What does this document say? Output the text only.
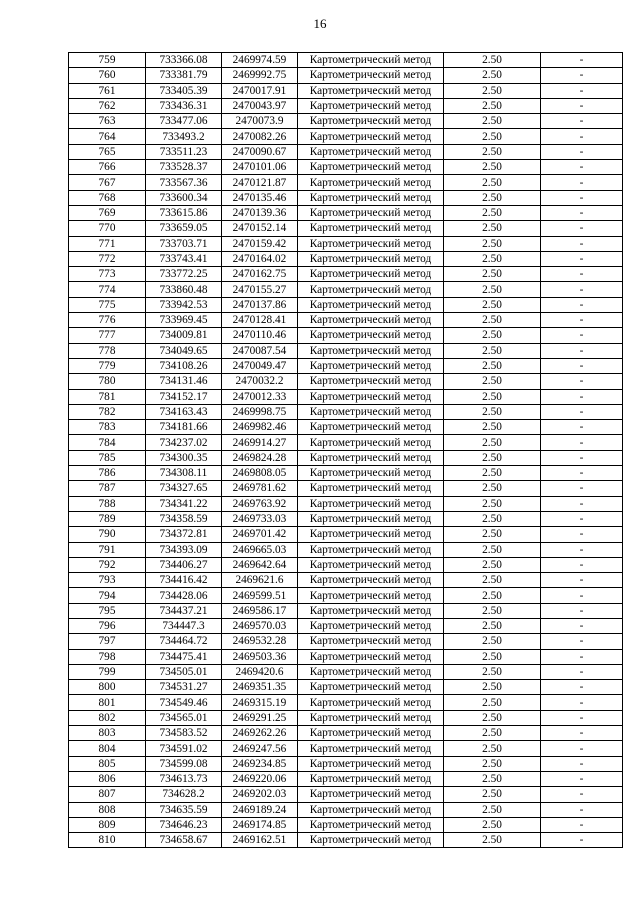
16
759	733366.08	2469974.59	Картометрический метод	2.50	-
760	733381.79	2469992.75	Картометрический метод	2.50	-
761	733405.39	2470017.91	Картометрический метод	2.50	-
762	733436.31	2470043.97	Картометрический метод	2.50	-
763	733477.06	2470073.9	Картометрический метод	2.50	-
764	733493.2	2470082.26	Картометрический метод	2.50	-
765	733511.23	2470090.67	Картометрический метод	2.50	-
766	733528.37	2470101.06	Картометрический метод	2.50	-
767	733567.36	2470121.87	Картометрический метод	2.50	-
768	733600.34	2470135.46	Картометрический метод	2.50	-
769	733615.86	2470139.36	Картометрический метод	2.50	-
770	733659.05	2470152.14	Картометрический метод	2.50	-
771	733703.71	2470159.42	Картометрический метод	2.50	-
772	733743.41	2470164.02	Картометрический метод	2.50	-
773	733772.25	2470162.75	Картометрический метод	2.50	-
774	733860.48	2470155.27	Картометрический метод	2.50	-
775	733942.53	2470137.86	Картометрический метод	2.50	-
776	733969.45	2470128.41	Картометрический метод	2.50	-
777	734009.81	2470110.46	Картометрический метод	2.50	-
778	734049.65	2470087.54	Картометрический метод	2.50	-
779	734108.26	2470049.47	Картометрический метод	2.50	-
780	734131.46	2470032.2	Картометрический метод	2.50	-
781	734152.17	2470012.33	Картометрический метод	2.50	-
782	734163.43	2469998.75	Картометрический метод	2.50	-
783	734181.66	2469982.46	Картометрический метод	2.50	-
784	734237.02	2469914.27	Картометрический метод	2.50	-
785	734300.35	2469824.28	Картометрический метод	2.50	-
786	734308.11	2469808.05	Картометрический метод	2.50	-
787	734327.65	2469781.62	Картометрический метод	2.50	-
788	734341.22	2469763.92	Картометрический метод	2.50	-
789	734358.59	2469733.03	Картометрический метод	2.50	-
790	734372.81	2469701.42	Картометрический метод	2.50	-
791	734393.09	2469665.03	Картометрический метод	2.50	-
792	734406.27	2469642.64	Картометрический метод	2.50	-
793	734416.42	2469621.6	Картометрический метод	2.50	-
794	734428.06	2469599.51	Картометрический метод	2.50	-
795	734437.21	2469586.17	Картометрический метод	2.50	-
796	734447.3	2469570.03	Картометрический метод	2.50	-
797	734464.72	2469532.28	Картометрический метод	2.50	-
798	734475.41	2469503.36	Картометрический метод	2.50	-
799	734505.01	2469420.6	Картометрический метод	2.50	-
800	734531.27	2469351.35	Картометрический метод	2.50	-
801	734549.46	2469315.19	Картометрический метод	2.50	-
802	734565.01	2469291.25	Картометрический метод	2.50	-
803	734583.52	2469262.26	Картометрический метод	2.50	-
804	734591.02	2469247.56	Картометрический метод	2.50	-
805	734599.08	2469234.85	Картометрический метод	2.50	-
806	734613.73	2469220.06	Картометрический метод	2.50	-
807	734628.2	2469202.03	Картометрический метод	2.50	-
808	734635.59	2469189.24	Картометрический метод	2.50	-
809	734646.23	2469174.85	Картометрический метод	2.50	-
810	734658.67	2469162.51	Картометрический метод	2.50	-
